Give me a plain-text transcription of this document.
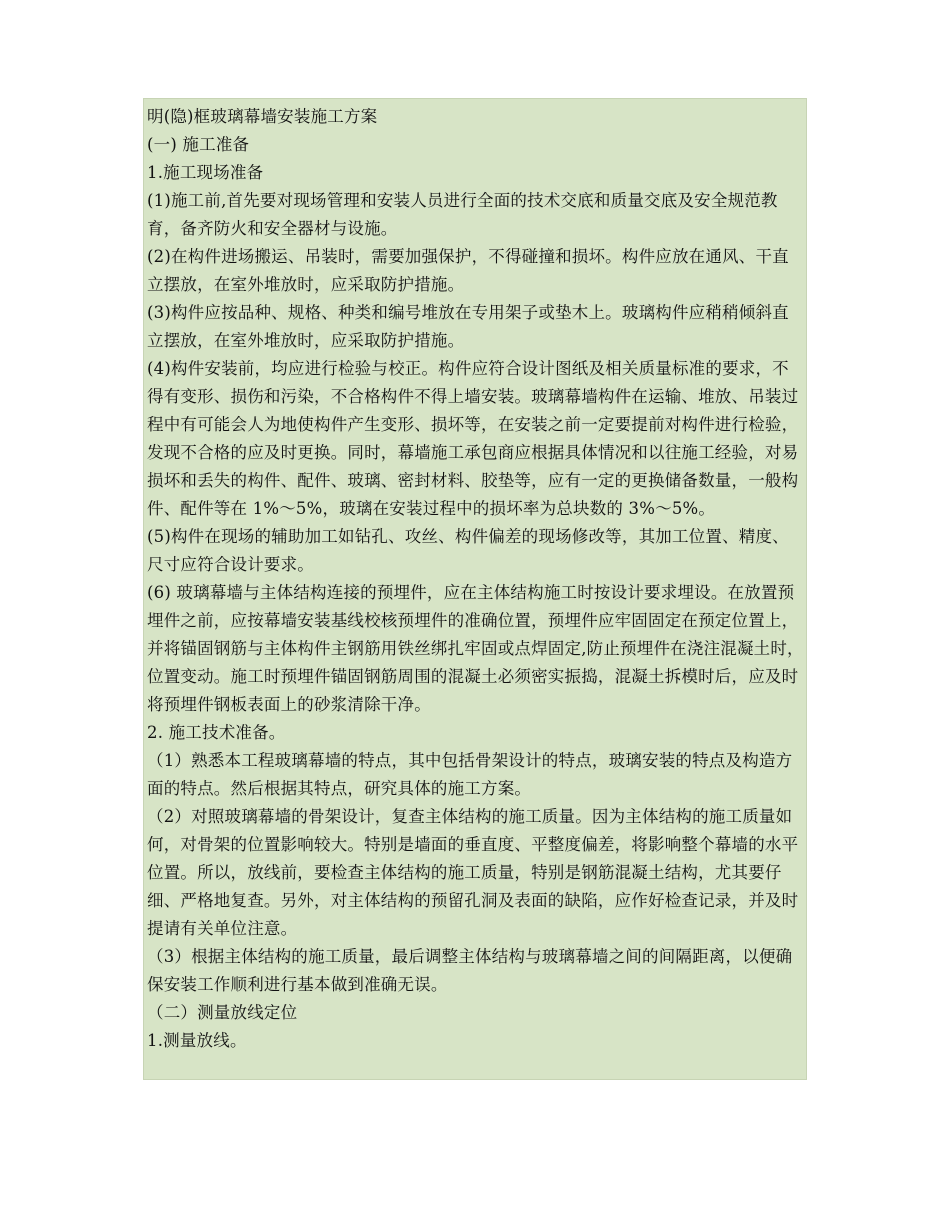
明(隐)框玻璃幕墙安装施工方案

(一) 施工准备

1.施工现场准备

(1)施工前,首先要对现场管理和安装人员进行全面的技术交底和质量交底及安全规范教育，备齐防火和安全器材与设施。

(2)在构件进场搬运、吊装时，需要加强保护，不得碰撞和损坏。构件应放在通风、干直立摆放，在室外堆放时，应采取防护措施。

(3)构件应按品种、规格、种类和编号堆放在专用架子或垫木上。玻璃构件应稍稍倾斜直立摆放，在室外堆放时，应采取防护措施。

(4)构件安装前，均应进行检验与校正。构件应符合设计图纸及相关质量标准的要求，不得有变形、损伤和污染，不合格构件不得上墙安装。玻璃幕墙构件在运输、堆放、吊装过程中有可能会人为地使构件产生变形、损坏等，在安装之前一定要提前对构件进行检验，发现不合格的应及时更换。同时，幕墙施工承包商应根据具体情况和以往施工经验，对易损坏和丢失的构件、配件、玻璃、密封材料、胶垫等，应有一定的更换储备数量，一般构件、配件等在 1%～5%，玻璃在安装过程中的损坏率为总块数的 3%～5%。

(5)构件在现场的辅助加工如钻孔、攻丝、构件偏差的现场修改等，其加工位置、精度、尺寸应符合设计要求。

(6) 玻璃幕墙与主体结构连接的预埋件，应在主体结构施工时按设计要求埋设。在放置预埋件之前，应按幕墙安装基线校核预埋件的准确位置，预埋件应牢固固定在预定位置上，并将锚固钢筋与主体构件主钢筋用铁丝绑扎牢固或点焊固定,防止预埋件在浇注混凝土时，位置变动。施工时预埋件锚固钢筋周围的混凝土必须密实振捣，混凝土拆模时后，应及时将预埋件钢板表面上的砂浆清除干净。

2. 施工技术准备。

（1）熟悉本工程玻璃幕墙的特点，其中包括骨架设计的特点，玻璃安装的特点及构造方面的特点。然后根据其特点，研究具体的施工方案。

（2）对照玻璃幕墙的骨架设计，复查主体结构的施工质量。因为主体结构的施工质量如何，对骨架的位置影响较大。特别是墙面的垂直度、平整度偏差，将影响整个幕墙的水平位置。所以，放线前，要检查主体结构的施工质量，特别是钢筋混凝土结构，尤其要仔细、严格地复查。另外，对主体结构的预留孔洞及表面的缺陷，应作好检查记录，并及时提请有关单位注意。

（3）根据主体结构的施工质量，最后调整主体结构与玻璃幕墙之间的间隔距离，以便确保安装工作顺利进行基本做到准确无误。

（二）测量放线定位

1.测量放线。
